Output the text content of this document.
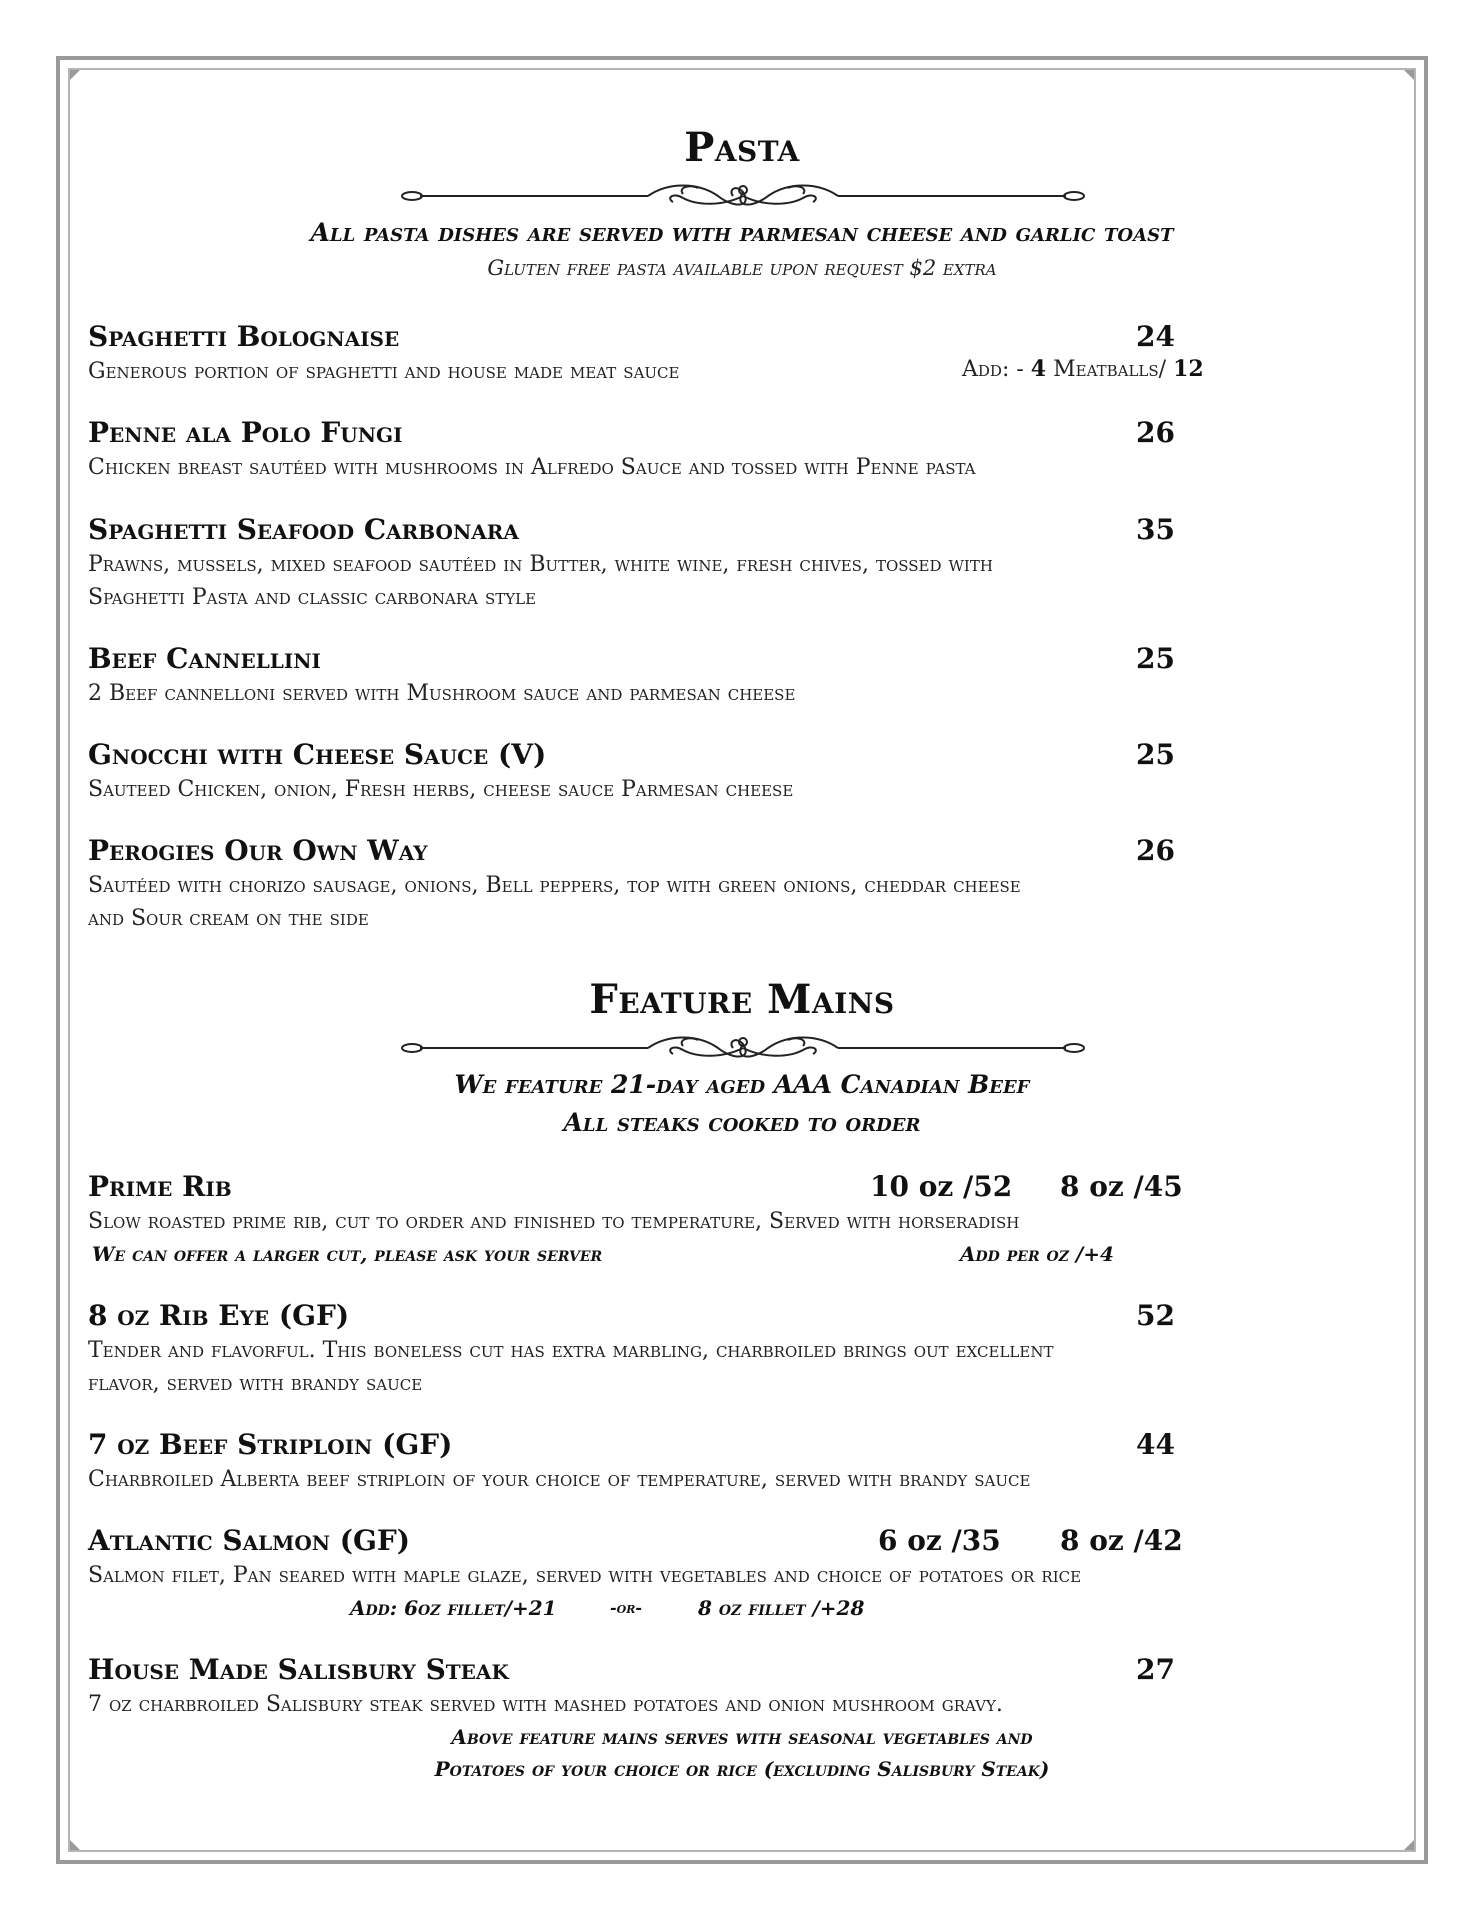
Pasta
All pasta dishes are served with parmesan cheese and garlic toast
Gluten free pasta available upon request $2 extra
Spaghetti Bolognaise	24
Generous portion of spaghetti and house made meat sauce	Add: - 4 Meatballs/ 12
Penne ala Polo Fungi	26
Chicken breast sautéed with mushrooms in Alfredo Sauce and tossed with Penne pasta
Spaghetti Seafood Carbonara	35
Prawns, mussels, mixed seafood sautéed in Butter, white wine, fresh chives, tossed with
Spaghetti Pasta and classic carbonara style
Beef Cannellini	25
2 Beef cannelloni served with Mushroom sauce and parmesan cheese
Gnocchi with Cheese Sauce (V)	25
Sauteed Chicken, onion, Fresh herbs, cheese sauce Parmesan cheese
Perogies Our Own Way	26
Sautéed with chorizo sausage, onions, Bell peppers, top with green onions, cheddar cheese
and Sour cream on the side
Feature Mains
We feature 21-day aged AAA Canadian Beef
All steaks cooked to order
Prime Rib	10 oz /52 8 oz /45
Slow roasted prime rib, cut to order and finished to temperature, Served with horseradish
We can offer a larger cut, please ask your server	Add per oz /+4
8 oz Rib Eye (GF)	52
Tender and flavorful. This boneless cut has extra marbling, charbroiled brings out excellent
flavor, served with brandy sauce
7 oz Beef Striploin (GF)	44
Charbroiled Alberta beef striploin of your choice of temperature, served with brandy sauce
Atlantic Salmon (GF)	6 oz /35 8 oz /42
Salmon filet, Pan seared with maple glaze, served with vegetables and choice of potatoes or rice
Add: 6oz fillet/+21	-or-	8 oz fillet /+28
House Made Salisbury Steak	27
7 oz charbroiled Salisbury steak served with mashed potatoes and onion mushroom gravy.
Above feature mains serves with seasonal vegetables and
Potatoes of your choice or rice (excluding Salisbury Steak)
